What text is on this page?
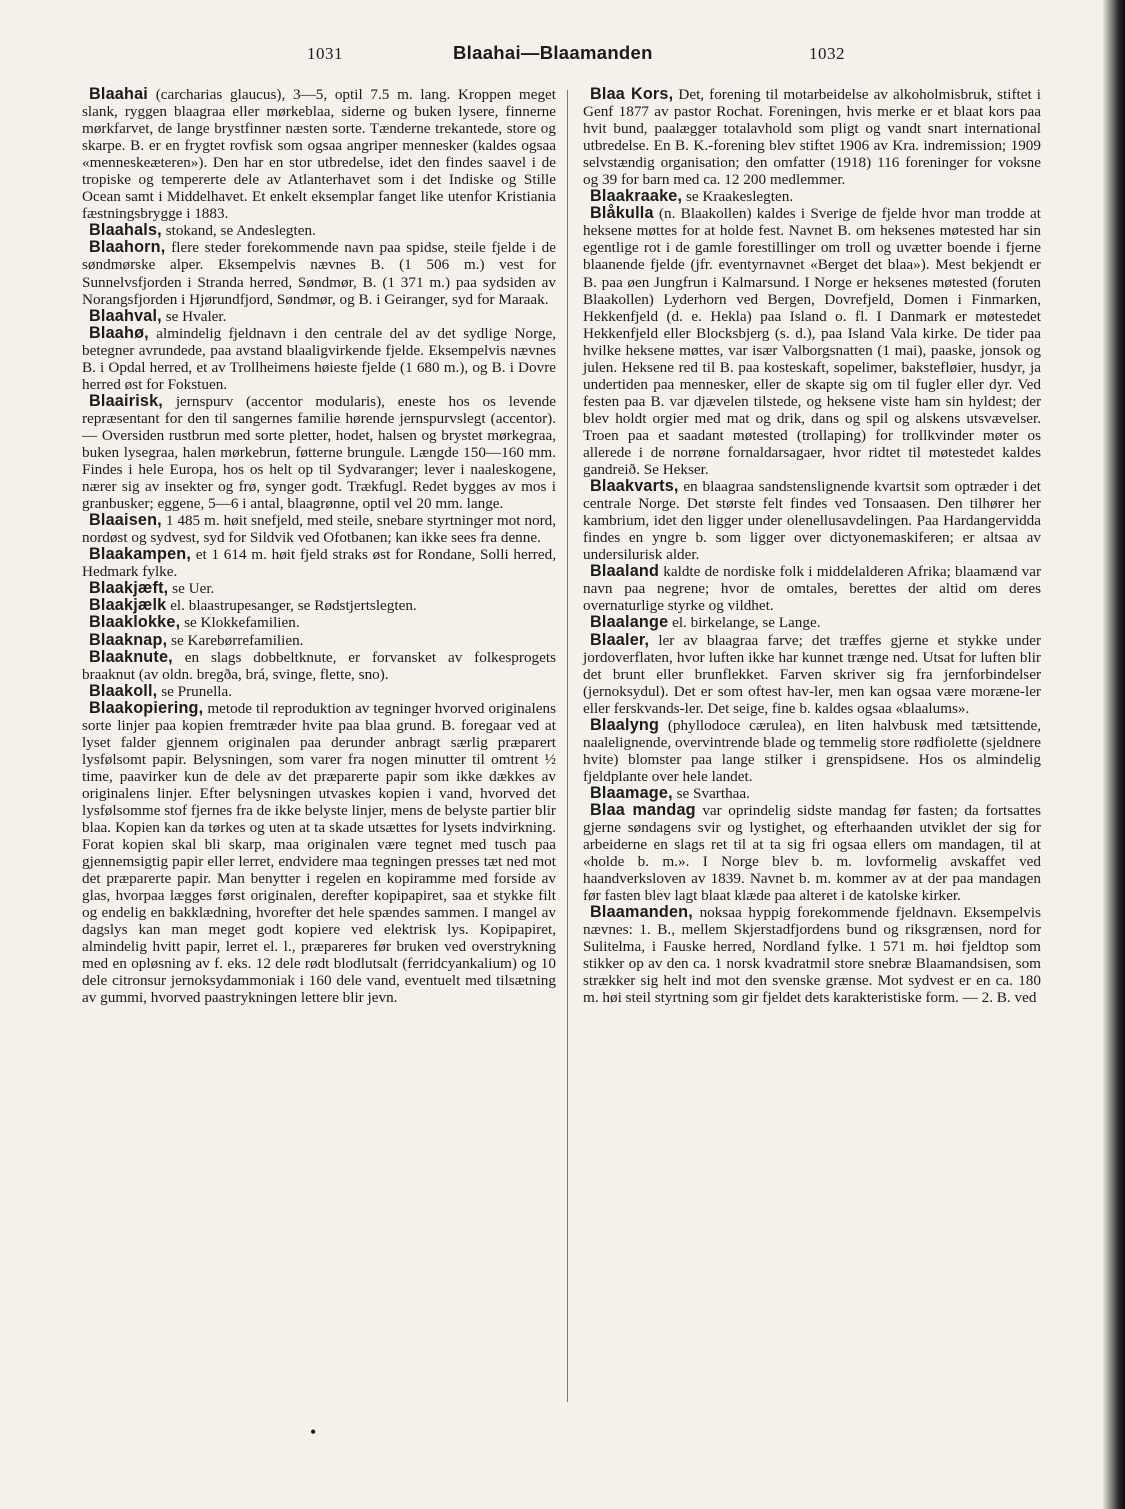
1031	Blaahai—Blaamanden	1032

Blaahai (carcharias glaucus), 3—5, optil 7.5 m. lang. Kroppen meget slank, ryggen blaagraa eller mørkeblaa, siderne og buken lysere, finnerne mørkfarvet, de lange brystfinner næsten sorte. Tænderne trekantede, store og skarpe. B. er en frygtet rovfisk som ogsaa angriper mennesker (kaldes ogsaa «menneskeæteren»). Den har en stor utbredelse, idet den findes saavel i de tropiske og tempererte dele av Atlanterhavet som i det Indiske og Stille Ocean samt i Middelhavet. Et enkelt eksemplar fanget like utenfor Kristiania fæstningsbrygge i 1883.

Blaahals, stokand, se Andeslegten.

Blaahorn, flere steder forekommende navn paa spidse, steile fjelde i de søndmørske alper. Eksempelvis nævnes B. (1 506 m.) vest for Sunnelvsfjorden i Stranda herred, Søndmør, B. (1 371 m.) paa sydsiden av Norangsfjorden i Hjørundfjord, Søndmør, og B. i Geiranger, syd for Maraak.

Blaahval, se Hvaler.

Blaahø, almindelig fjeldnavn i den centrale del av det sydlige Norge, betegner avrundede, paa avstand blaaligvirkende fjelde. Eksempelvis nævnes B. i Opdal herred, et av Trollheimens høieste fjelde (1 680 m.), og B. i Dovre herred øst for Fokstuen.

Blaairisk, jernspurv (accentor modularis), eneste hos os levende repræsentant for den til sangernes familie hørende jernspurvslegt (accentor). — Oversiden rustbrun med sorte pletter, hodet, halsen og brystet mørkegraa, buken lysegraa, halen mørkebrun, føtterne brungule. Længde 150—160 mm. Findes i hele Europa, hos os helt op til Sydvaranger; lever i naaleskogene, nærer sig av insekter og frø, synger godt. Trækfugl. Redet bygges av mos i granbusker; eggene, 5—6 i antal, blaagrønne, optil vel 20 mm. lange.

Blaaisen, 1 485 m. høit snefjeld, med steile, snebare styrtninger mot nord, nordøst og sydvest, syd for Sildvik ved Ofotbanen; kan ikke sees fra denne.

Blaakampen, et 1 614 m. høit fjeld straks øst for Rondane, Solli herred, Hedmark fylke.

Blaakjæft, se Uer.

Blaakjælk el. blaastrupesanger, se Rødstjertslegten.

Blaaklokke, se Klokkefamilien.

Blaaknap, se Karebørrefamilien.

Blaaknute, en slags dobbeltknute, er forvansket av folkesprogets braaknut (av oldn. bregða, brá, svinge, flette, sno).

Blaakoll, se Prunella.

Blaakopiering, metode til reproduktion av tegninger hvorved originalens sorte linjer paa kopien fremtræder hvite paa blaa grund. B. foregaar ved at lyset falder gjennem originalen paa derunder anbragt særlig præparert lysfølsomt papir. Belysningen, som varer fra nogen minutter til omtrent ½ time, paavirker kun de dele av det præparerte papir som ikke dækkes av originalens linjer. Efter belysningen utvaskes kopien i vand, hvorved det lysfølsomme stof fjernes fra de ikke belyste linjer, mens de belyste partier blir blaa. Kopien kan da tørkes og uten at ta skade utsættes for lysets indvirkning. Forat kopien skal bli skarp, maa originalen være tegnet med tusch paa gjennemsigtig papir eller lerret, endvidere maa tegningen presses tæt ned mot det præparerte papir. Man benytter i regelen en kopiramme med forside av glas, hvorpaa lægges først originalen, derefter kopipapiret, saa et stykke filt og endelig en bakklædning, hvorefter det hele spændes sammen. I mangel av dagslys kan man meget godt kopiere ved elektrisk lys. Kopipapiret, almindelig hvitt papir, lerret el. l., præpareres før bruken ved overstrykning med en opløsning av f. eks. 12 dele rødt blodlutsalt (ferridcyankalium) og 10 dele citronsur jernoksydammoniak i 160 dele vand, eventuelt med tilsætning av gummi, hvorved paastrykningen lettere blir jevn.

Blaa Kors, Det, forening til motarbeidelse av alkoholmisbruk, stiftet i Genf 1877 av pastor Rochat. Foreningen, hvis merke er et blaat kors paa hvit bund, paalægger totalavhold som pligt og vandt snart international utbredelse. En B. K.-forening blev stiftet 1906 av Kra. indremission; 1909 selvstændig organisation; den omfatter (1918) 116 foreninger for voksne og 39 for barn med ca. 12 200 medlemmer.

Blaakraake, se Kraakeslegten.

Blåkulla (n. Blaakollen) kaldes i Sverige de fjelde hvor man trodde at heksene møttes for at holde fest. Navnet B. om heksenes møtested har sin egentlige rot i de gamle forestillinger om troll og uvætter boende i fjerne blaanende fjelde (jfr. eventyrnavnet «Berget det blaa»). Mest bekjendt er B. paa øen Jungfrun i Kalmarsund. I Norge er heksenes møtested (foruten Blaakollen) Lyderhorn ved Bergen, Dovrefjeld, Domen i Finmarken, Hekkenfjeld (d. e. Hekla) paa Island o. fl. I Danmark er møtestedet Hekkenfjeld eller Blocksbjerg (s. d.), paa Island Vala kirke. De tider paa hvilke heksene møttes, var især Valborgsnatten (1 mai), paaske, jonsok og julen. Heksene red til B. paa kosteskaft, sopelimer, bakstefløier, husdyr, ja undertiden paa mennesker, eller de skapte sig om til fugler eller dyr. Ved festen paa B. var djævelen tilstede, og heksene viste ham sin hyldest; der blev holdt orgier med mat og drik, dans og spil og alskens utsvævelser. Troen paa et saadant møtested (trollaping) for trollkvinder møter os allerede i de norrøne fornaldarsagaer, hvor ridtet til møtestedet kaldes gandreið. Se Hekser.

Blaakvarts, en blaagraa sandstenslignende kvartsit som optræder i det centrale Norge. Det største felt findes ved Tonsaasen. Den tilhører her kambrium, idet den ligger under olenellusavdelingen. Paa Hardangervidda findes en yngre b. som ligger over dictyonemaskiferen; er altsaa av undersilurisk alder.

Blaaland kaldte de nordiske folk i middelalderen Afrika; blaamænd var navn paa negrene; hvor de omtales, berettes der altid om deres overnaturlige styrke og vildhet.

Blaalange el. birkelange, se Lange.

Blaaler, ler av blaagraa farve; det træffes gjerne et stykke under jordoverflaten, hvor luften ikke har kunnet trænge ned. Utsat for luften blir det brunt eller brunflekket. Farven skriver sig fra jernforbindelser (jernoksydul). Det er som oftest hav-ler, men kan ogsaa være moræne-ler eller ferskvands-ler. Det seige, fine b. kaldes ogsaa «blaalums».

Blaalyng (phyllodoce cærulea), en liten halvbusk med tætsittende, naalelignende, overvintrende blade og temmelig store rødfiolette (sjeldnere hvite) blomster paa lange stilker i grenspidsene. Hos os almindelig fjeldplante over hele landet.

Blaamage, se Svarthaa.

Blaa mandag var oprindelig sidste mandag før fasten; da fortsattes gjerne søndagens svir og lystighet, og efterhaanden utviklet der sig for arbeiderne en slags ret til at ta sig fri ogsaa ellers om mandagen, til at «holde b. m.». I Norge blev b. m. lovformelig avskaffet ved haandverksloven av 1839. Navnet b. m. kommer av at der paa mandagen før fasten blev lagt blaat klæde paa alteret i de katolske kirker.

Blaamanden, noksaa hyppig forekommende fjeldnavn. Eksempelvis nævnes: 1. B., mellem Skjerstadfjordens bund og riksgrænsen, nord for Sulitelma, i Fauske herred, Nordland fylke. 1 571 m. høi fjeldtop som stikker op av den ca. 1 norsk kvadratmil store snebræ Blaamandsisen, som strækker sig helt ind mot den svenske grænse. Mot sydvest er en ca. 180 m. høi steil styrtning som gir fjeldet dets karakteristiske form. — 2. B. ved

•
